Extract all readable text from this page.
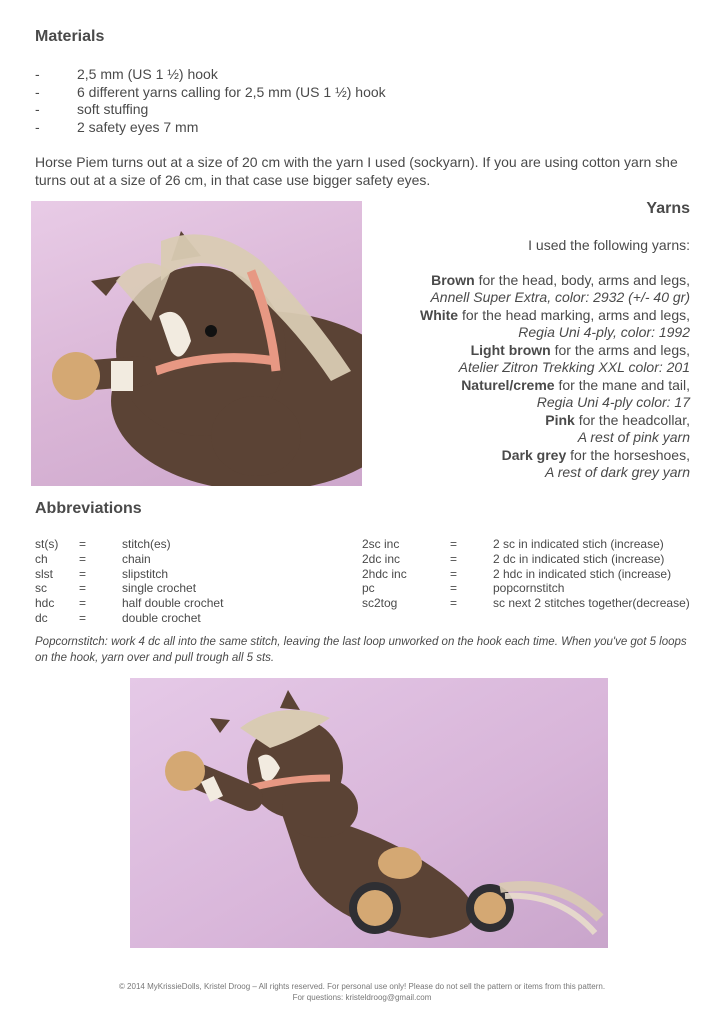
Materials
-	2,5 mm (US 1 ½) hook
-	6 different yarns calling for 2,5 mm (US 1 ½) hook
-	soft stuffing
-	2 safety eyes 7 mm

Horse Piem turns out at a size of 20 cm with the yarn I used (sockyarn). If you are using cotton yarn she turns out at a size of 26 cm, in that case use bigger safety eyes.

Yarns
I used the following yarns:
Brown for the head, body, arms and legs,
Annell Super Extra, color: 2932 (+/- 40 gr)
White for the head marking, arms and legs,
Regia Uni 4-ply, color: 1992
Light brown for the arms and legs,
Atelier Zitron Trekking XXL color: 201
Naturel/creme for the mane and tail,
Regia Uni 4-ply color: 17
Pink for the headcollar,
A rest of pink yarn
Dark grey for the horseshoes,
A rest of dark grey yarn
Abbreviations
st(s)	=	stitch(es)
ch	=	chain
slst	=	slipstitch
sc	=	single crochet
hdc	=	half double crochet
dc	=	double crochet
2sc inc	=	2 sc in indicated stich (increase)
2dc inc	=	2 dc in indicated stich (increase)
2hdc inc	=	2 hdc in indicated stich (increase)
pc	=	popcornstitch
sc2tog	=	sc next 2 stitches together(decrease)

Popcornstitch: work 4 dc all into the same stitch, leaving the last loop unworked on the hook each time. When you've got 5 loops on the hook, yarn over and pull trough all 5 sts.

© 2014 MyKrissieDolls, Kristel Droog – All rights reserved. For personal use only! Please do not sell the pattern or items from this pattern.
For questions: kristeldroog@gmail.com
